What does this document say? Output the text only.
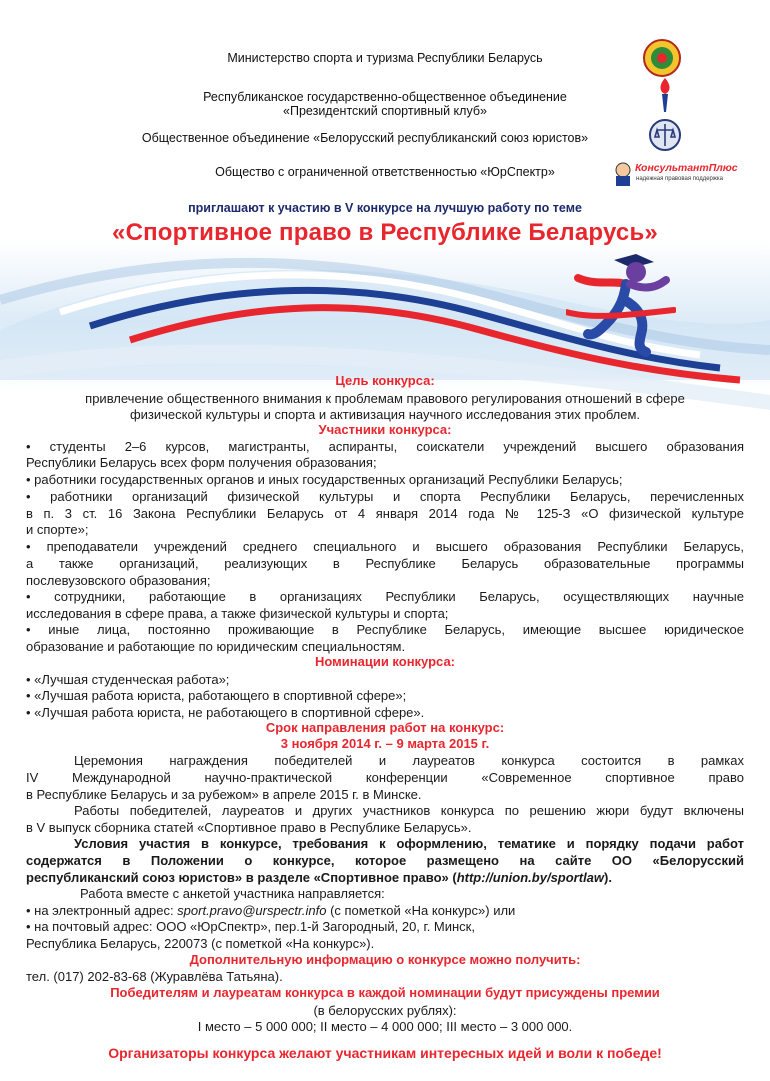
Министерство спорта и туризма Республики Беларусь
Республиканское государственно-общественное объединение
«Президентский спортивный клуб»
Общественное объединение «Белорусский республиканский союз юристов»
Общество с ограниченной ответственностью «ЮрСпектр»	КонсультантПлюс
надежная правовая поддержка
приглашают к участию в V конкурсе на лучшую работу по теме
«Спортивное право в Республике Беларусь»
Цель конкурса:
привлечение общественного внимания к проблемам правового регулирования отношений в сфере
физической культуры и спорта и активизация научного исследования этих проблем.
Участники конкурса:
• студенты 2–6 курсов, магистранты, аспиранты, соискатели учреждений высшего образования
Республики Беларусь всех форм получения образования;
• работники государственных органов и иных государственных организаций Республики Беларусь;
• работники организаций физической культуры и спорта Республики Беларусь, перечисленных
в п. 3 ст. 16 Закона Республики Беларусь от 4 января 2014 года № 125-З «О физической культуре
и спорте»;
• преподаватели учреждений среднего специального и высшего образования Республики Беларусь,
а также организаций, реализующих в Республике Беларусь образовательные программы
послевузовского образования;
• сотрудники, работающие в организациях Республики Беларусь, осуществляющих научные
исследования в сфере права, а также физической культуры и спорта;
• иные лица, постоянно проживающие в Республике Беларусь, имеющие высшее юридическое
образование и работающие по юридическим специальностям.
Номинации конкурса:
• «Лучшая студенческая работа»;
• «Лучшая работа юриста, работающего в спортивной сфере»;
• «Лучшая работа юриста, не работающего в спортивной сфере».
Срок направления работ на конкурс:
3 ноября 2014 г. – 9 марта 2015 г.
Церемония награждения победителей и лауреатов конкурса состоится в рамках
IV Международной научно-практической конференции «Современное спортивное право
в Республике Беларусь и за рубежом» в апреле 2015 г. в Минске.
Работы победителей, лауреатов и других участников конкурса по решению жюри будут включены
в V выпуск сборника статей «Спортивное право в Республике Беларусь».
Условия участия в конкурсе, требования к оформлению, тематике и порядку подачи работ
содержатся в Положении о конкурсе, которое размещено на сайте ОО «Белорусский
республиканский союз юристов» в разделе «Спортивное право» (http://union.by/sportlaw).
Работа вместе с анкетой участника направляется:
• на электронный адрес: sport.pravo@urspectr.info (с пометкой «На конкурс») или
• на почтовый адрес: ООО «ЮрСпектр», пер.1-й Загородный, 20, г. Минск,
Республика Беларусь, 220073 (с пометкой «На конкурс»).
Дополнительную информацию о конкурсе можно получить:
тел. (017) 202-83-68 (Журавлёва Татьяна).
Победителям и лауреатам конкурса в каждой номинации будут присуждены премии
(в белорусских рублях):
I место – 5 000 000; II место – 4 000 000; III место – 3 000 000.
Организаторы конкурса желают участникам интересных идей и воли к победе!
